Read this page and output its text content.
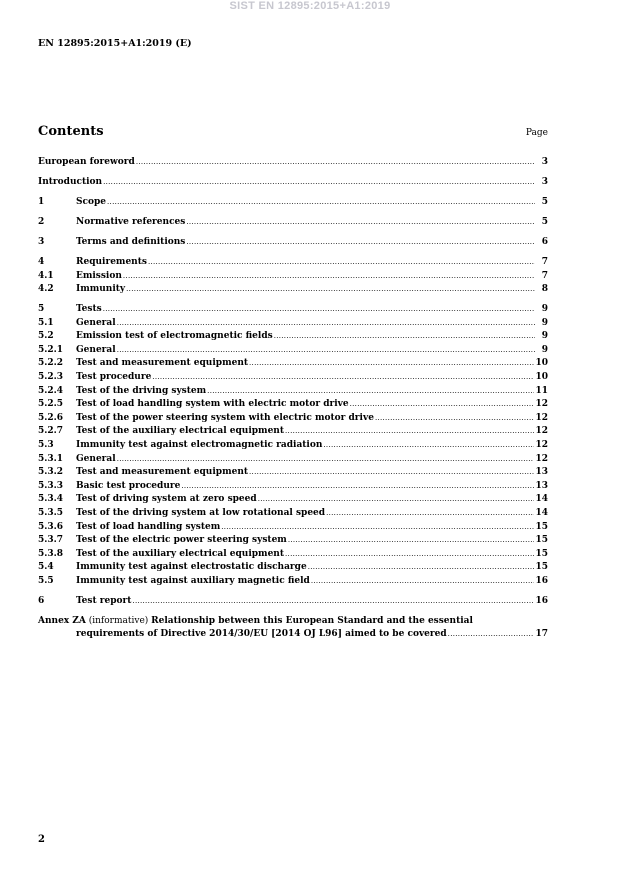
SIST EN 12895:2015+A1:2019
EN 12895:2015+A1:2019 (E)
Contents	Page
European foreword .....	3
Introduction .....	3
1	Scope .....	5
2	Normative references .....	5
3	Terms and definitions .....	6
4	Requirements .....	7
4.1 Emission .....	7
4.2 Immunity .....	8
5	Tests .....	9
5.1 General .....	9
5.2 Emission test of electromagnetic fields .....	9
5.2.1 General .....	9
5.2.2 Test and measurement equipment .....	10
5.2.3 Test procedure .....	10
5.2.4 Test of the driving system .....	11
5.2.5 Test of load handling system with electric motor drive .....	12
5.2.6 Test of the power steering system with electric motor drive .....	12
5.2.7 Test of the auxiliary electrical equipment .....	12
5.3 Immunity test against electromagnetic radiation .....	12
5.3.1 General .....	12
5.3.2 Test and measurement equipment .....	13
5.3.3 Basic test procedure .....	13
5.3.4 Test of driving system at zero speed .....	14
5.3.5 Test of the driving system at low rotational speed .....	14
5.3.6 Test of load handling system .....	15
5.3.7 Test of the electric power steering system .....	15
5.3.8 Test of the auxiliary electrical equipment .....	15
5.4 Immunity test against electrostatic discharge .....	15
5.5 Immunity test against auxiliary magnetic field .....	16
6	Test report .....	16
Annex ZA (informative) Relationship between this European Standard and the essential
requirements of Directive 2014/30/EU [2014 OJ L96] aimed to be covered .....	17
2
